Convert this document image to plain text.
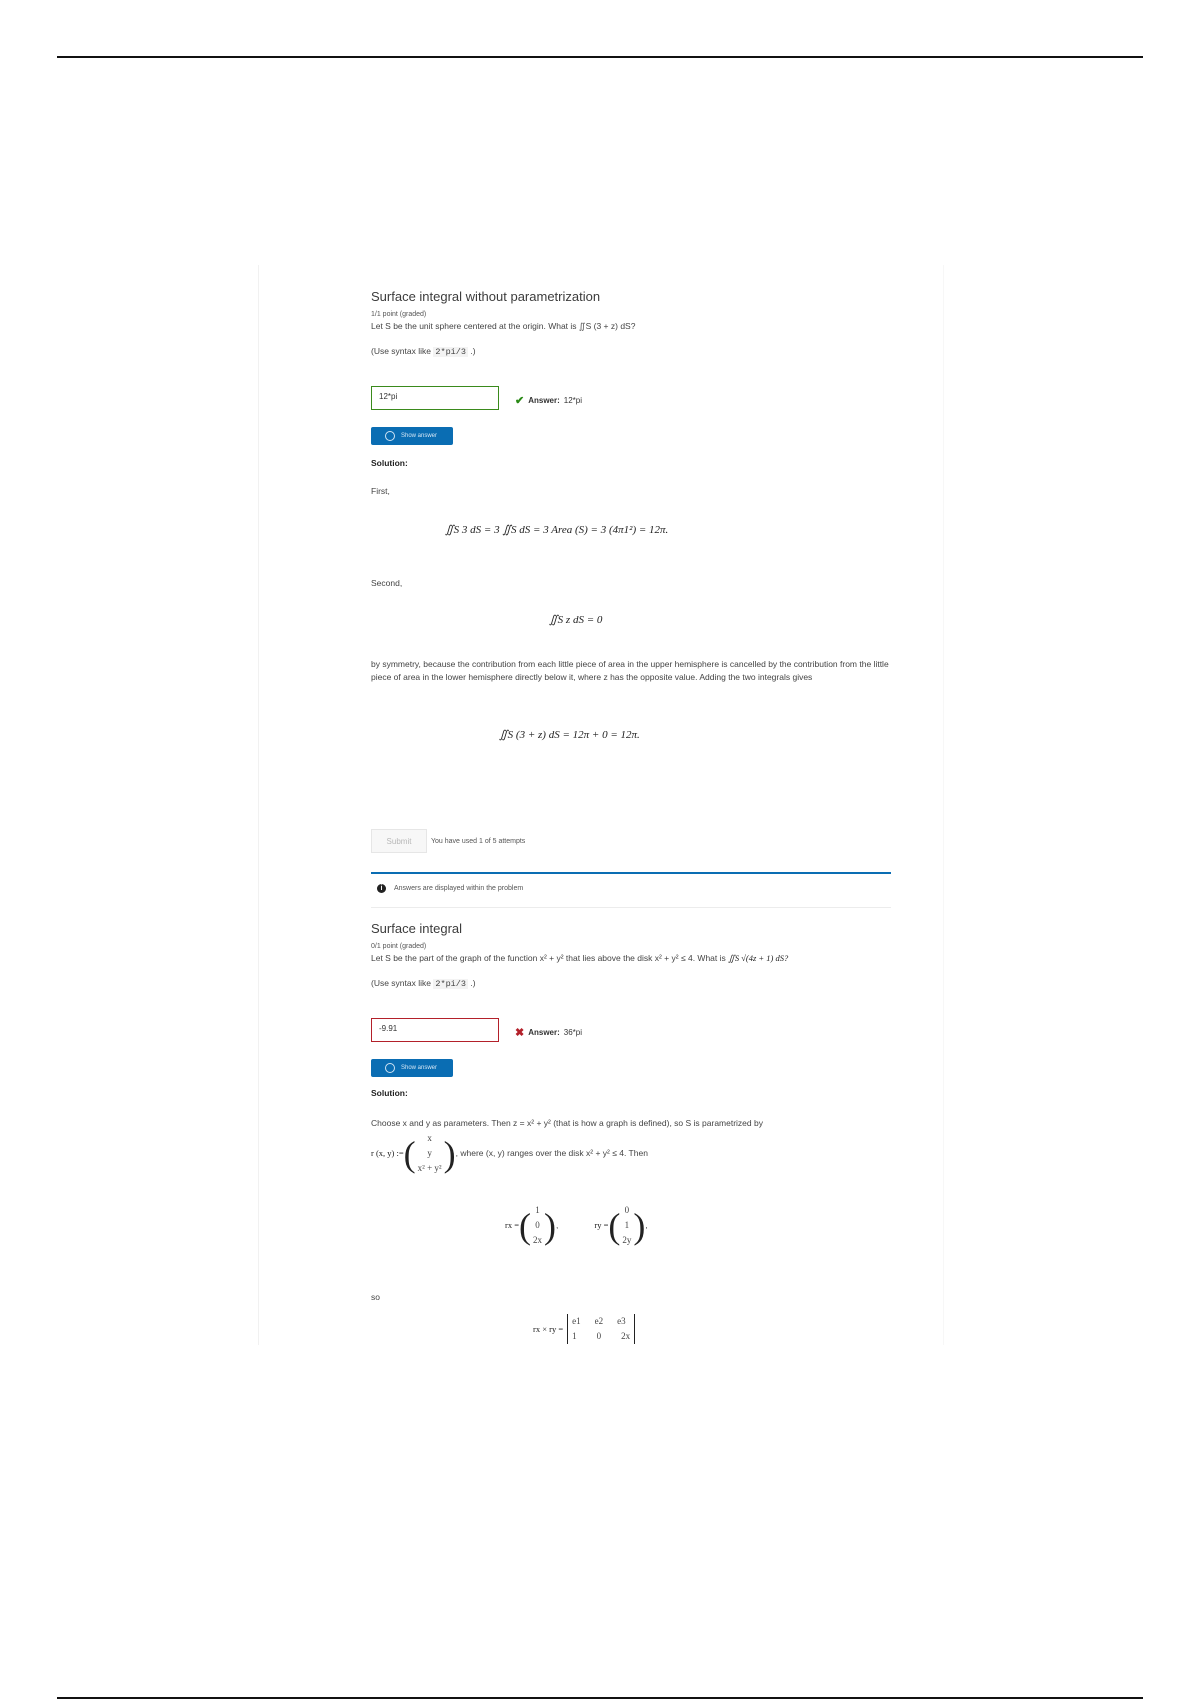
Surface integral without parametrization
1/1 point (graded)
Let S be the unit sphere centered at the origin. What is ∬S (3 + z) dS?
(Use syntax like 2*pi/3 .)
12*pi	✔ Answer: 12*pi
Show answer
Solution:
First,
∬S 3 dS = 3 ∬S dS = 3 Area (S) = 3 (4π1²) = 12π.
Second,
∬S z dS = 0
by symmetry, because the contribution from each little piece of area in the upper hemisphere is cancelled by the contribution from the little piece of area in the lower hemisphere directly below it, where z has the opposite value. Adding the two integrals gives
∬S (3 + z) dS = 12π + 0 = 12π.
Submit	You have used 1 of 5 attempts
i	Answers are displayed within the problem
Surface integral
0/1 point (graded)
Let S be the part of the graph of the function x² + y² that lies above the disk x² + y² ≤ 4. What is ∬S √(4z + 1) dS?
(Use syntax like 2*pi/3 .)
-9.91	✖ Answer: 36*pi
Show answer
Solution:
Choose x and y as parameters. Then z = x² + y² (that is how a graph is defined), so S is parametrized by
r (x, y) := ( x
y
x² + y² ) , where (x, y) ranges over the disk x² + y² ≤ 4. Then
rx = ( 1
0
2x ) ,	ry = ( 0
1
2y ) ,
so
rx × ry =
e1 e2 e3
1 0 2x
